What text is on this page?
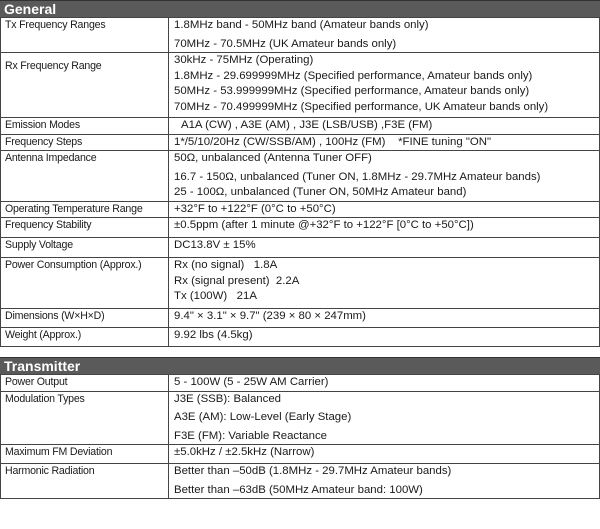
General
Tx Frequency Ranges	1.8MHz band - 50MHz band (Amateur bands only)
70MHz - 70.5MHz (UK Amateur bands only)

Rx Frequency Range	30kHz - 75MHz (Operating)
1.8MHz - 29.699999MHz (Specified performance, Amateur bands only)
50MHz - 53.999999MHz (Specified performance, Amateur bands only)
70MHz - 70.499999MHz (Specified performance, UK Amateur bands only)

Emission Modes	A1A (CW) , A3E (AM) , J3E (LSB/USB) ,F3E (FM)
Frequency Steps	1*/5/10/20Hz (CW/SSB/AM) , 100Hz (FM)    *FINE tuning "ON"
Antenna Impedance	50Ω, unbalanced (Antenna Tuner OFF)
16.7 - 150Ω, unbalanced (Tuner ON, 1.8MHz - 29.7MHz Amateur bands)
25 - 100Ω, unbalanced (Tuner ON, 50MHz Amateur band)

Operating Temperature Range	+32°F to +122°F (0°C to +50°C)
Frequency Stability	±0.5ppm (after 1 minute @+32°F to +122°F [0°C to +50°C])
Supply Voltage	DC13.8V ± 15%
Power Consumption (Approx.)	Rx (no signal)   1.8A
Rx (signal present)  2.2A
Tx (100W)   21A

Dimensions (W×H×D)	9.4" × 3.1" × 9.7" (239 × 80 × 247mm)
Weight (Approx.)	9.92 lbs (4.5kg)
Transmitter
Power Output	5 - 100W (5 - 25W AM Carrier)
Modulation Types	J3E (SSB): Balanced
A3E (AM): Low-Level (Early Stage)
F3E (FM): Variable Reactance

Maximum FM Deviation	±5.0kHz / ±2.5kHz (Narrow)
Harmonic Radiation	Better than –50dB (1.8MHz - 29.7MHz Amateur bands)
Better than –63dB (50MHz Amateur band: 100W)
